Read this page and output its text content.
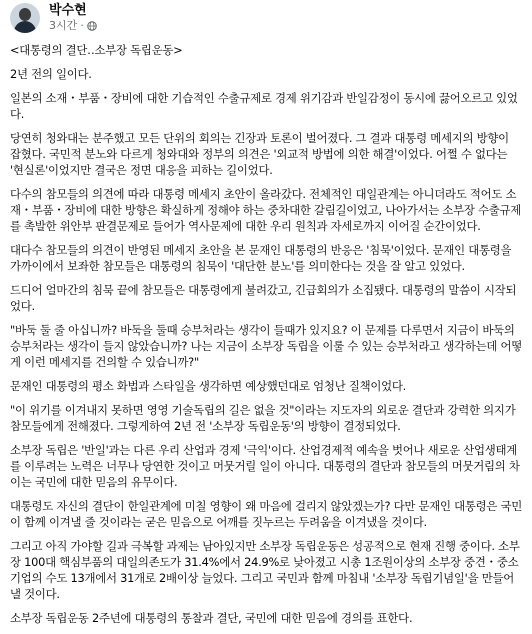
박수현
3시간 ·

<대통령의 결단‥소부장 독립운동>

2년 전의 일이다.

일본의 소재・부품・장비에 대한 기습적인 수출규제로 경제 위기감과 반일감정이 동시에 끓어오르고 있었다.

당연히 청와대는 분주했고 모든 단위의 회의는 긴장과 토론이 벌어졌다. 그 결과 대통령 메세지의 방향이 잡혔다. 국민적 분노와 다르게 청와대와 정부의 의견은 '외교적 방법에 의한 해결'이었다. 어쩔 수 없다는 '현실론'이었지만 결국은 정면 대응을 피하는 길이었다.

다수의 참모들의 의견에 따라 대통령 메세지 초안이 올라갔다. 전체적인 대일관계는 아니더라도 적어도 소재・부품・장비에 대한 방향은 확실하게 정해야 하는 중차대한 갈림길이었고, 나아가서는 소부장 수출규제를 촉발한 위안부 판결문제로 들어가 역사문제에 대한 우리 원칙과 자세로까지 이어질 순간이었다.

대다수 참모들의 의견이 반영된 메세지 초안을 본 문재인 대통령의 반응은 '침묵'이었다. 문재인 대통령을 가까이에서 보좌한 참모들은 대통령의 침묵이 '대단한 분노'를 의미한다는 것을 잘 알고 있었다.

드디어 얼마간의 침묵 끝에 참모들은 대통령에게 불려갔고, 긴급회의가 소집됐다. 대통령의 말씀이 시작되었다.

"바둑 둘 줄 아십니까? 바둑을 둘때 승부처라는 생각이 들때가 있지요? 이 문제를 다루면서 지금이 바둑의 승부처라는 생각이 들지 않았습니까? 나는 지금이 소부장 독립을 이룰 수 있는 승부처라고 생각하는데 어떻게 이런 메세지를 건의할 수 있습니까?"

문재인 대통령의 평소 화법과 스타일을 생각하면 예상했던대로 엄청난 질책이었다.

"이 위기를 이겨내지 못하면 영영 기술독립의 길은 없을 것"이라는 지도자의 외로운 결단과 강력한 의지가 참모들에게 전해졌다. 그렇게하여 2년 전 '소부장 독립운동'의 방향이 결정되었다.

소부장 독립은 '반일'과는 다른 우리 산업과 경제 '극익'이다. 산업경제적 예속을 벗어나 새로운 산업생태계를 이루려는 노력은 너무나 당연한 것이고 머뭇거릴 일이 아니다. 대통령의 결단과 참모들의 머뭇거림의 차이는 국민에 대한 믿음의 유무이다.

대통령도 자신의 결단이 한일관계에 미칠 영향이 왜 마음에 걸리지 않았겠는가? 다만 문재인 대통령은 국민이 함께 이겨낼 줄 것이라는 굳은 믿음으로 어깨를 짓누르는 두려움을 이겨냈을 것이다.

그리고 아직 가야할 길과 극복할 과제는 남아있지만 소부장 독립운동은 성공적으로 현재 진행 중이다. 소부장 100대 핵심부품의 대일의존도가 31.4%에서 24.9%로 낮아졌고 시총 1조원이상의 소부장 중견・중소기업의 수도 13개에서 31개로 2배이상 늘었다. 그리고 국민과 함께 마침내 '소부장 독립기념일'을 만들어 낼 것이다.

소부장 독립운동 2주년에 대통령의 통찰과 결단, 국민에 대한 믿음에 경의를 표한다.
